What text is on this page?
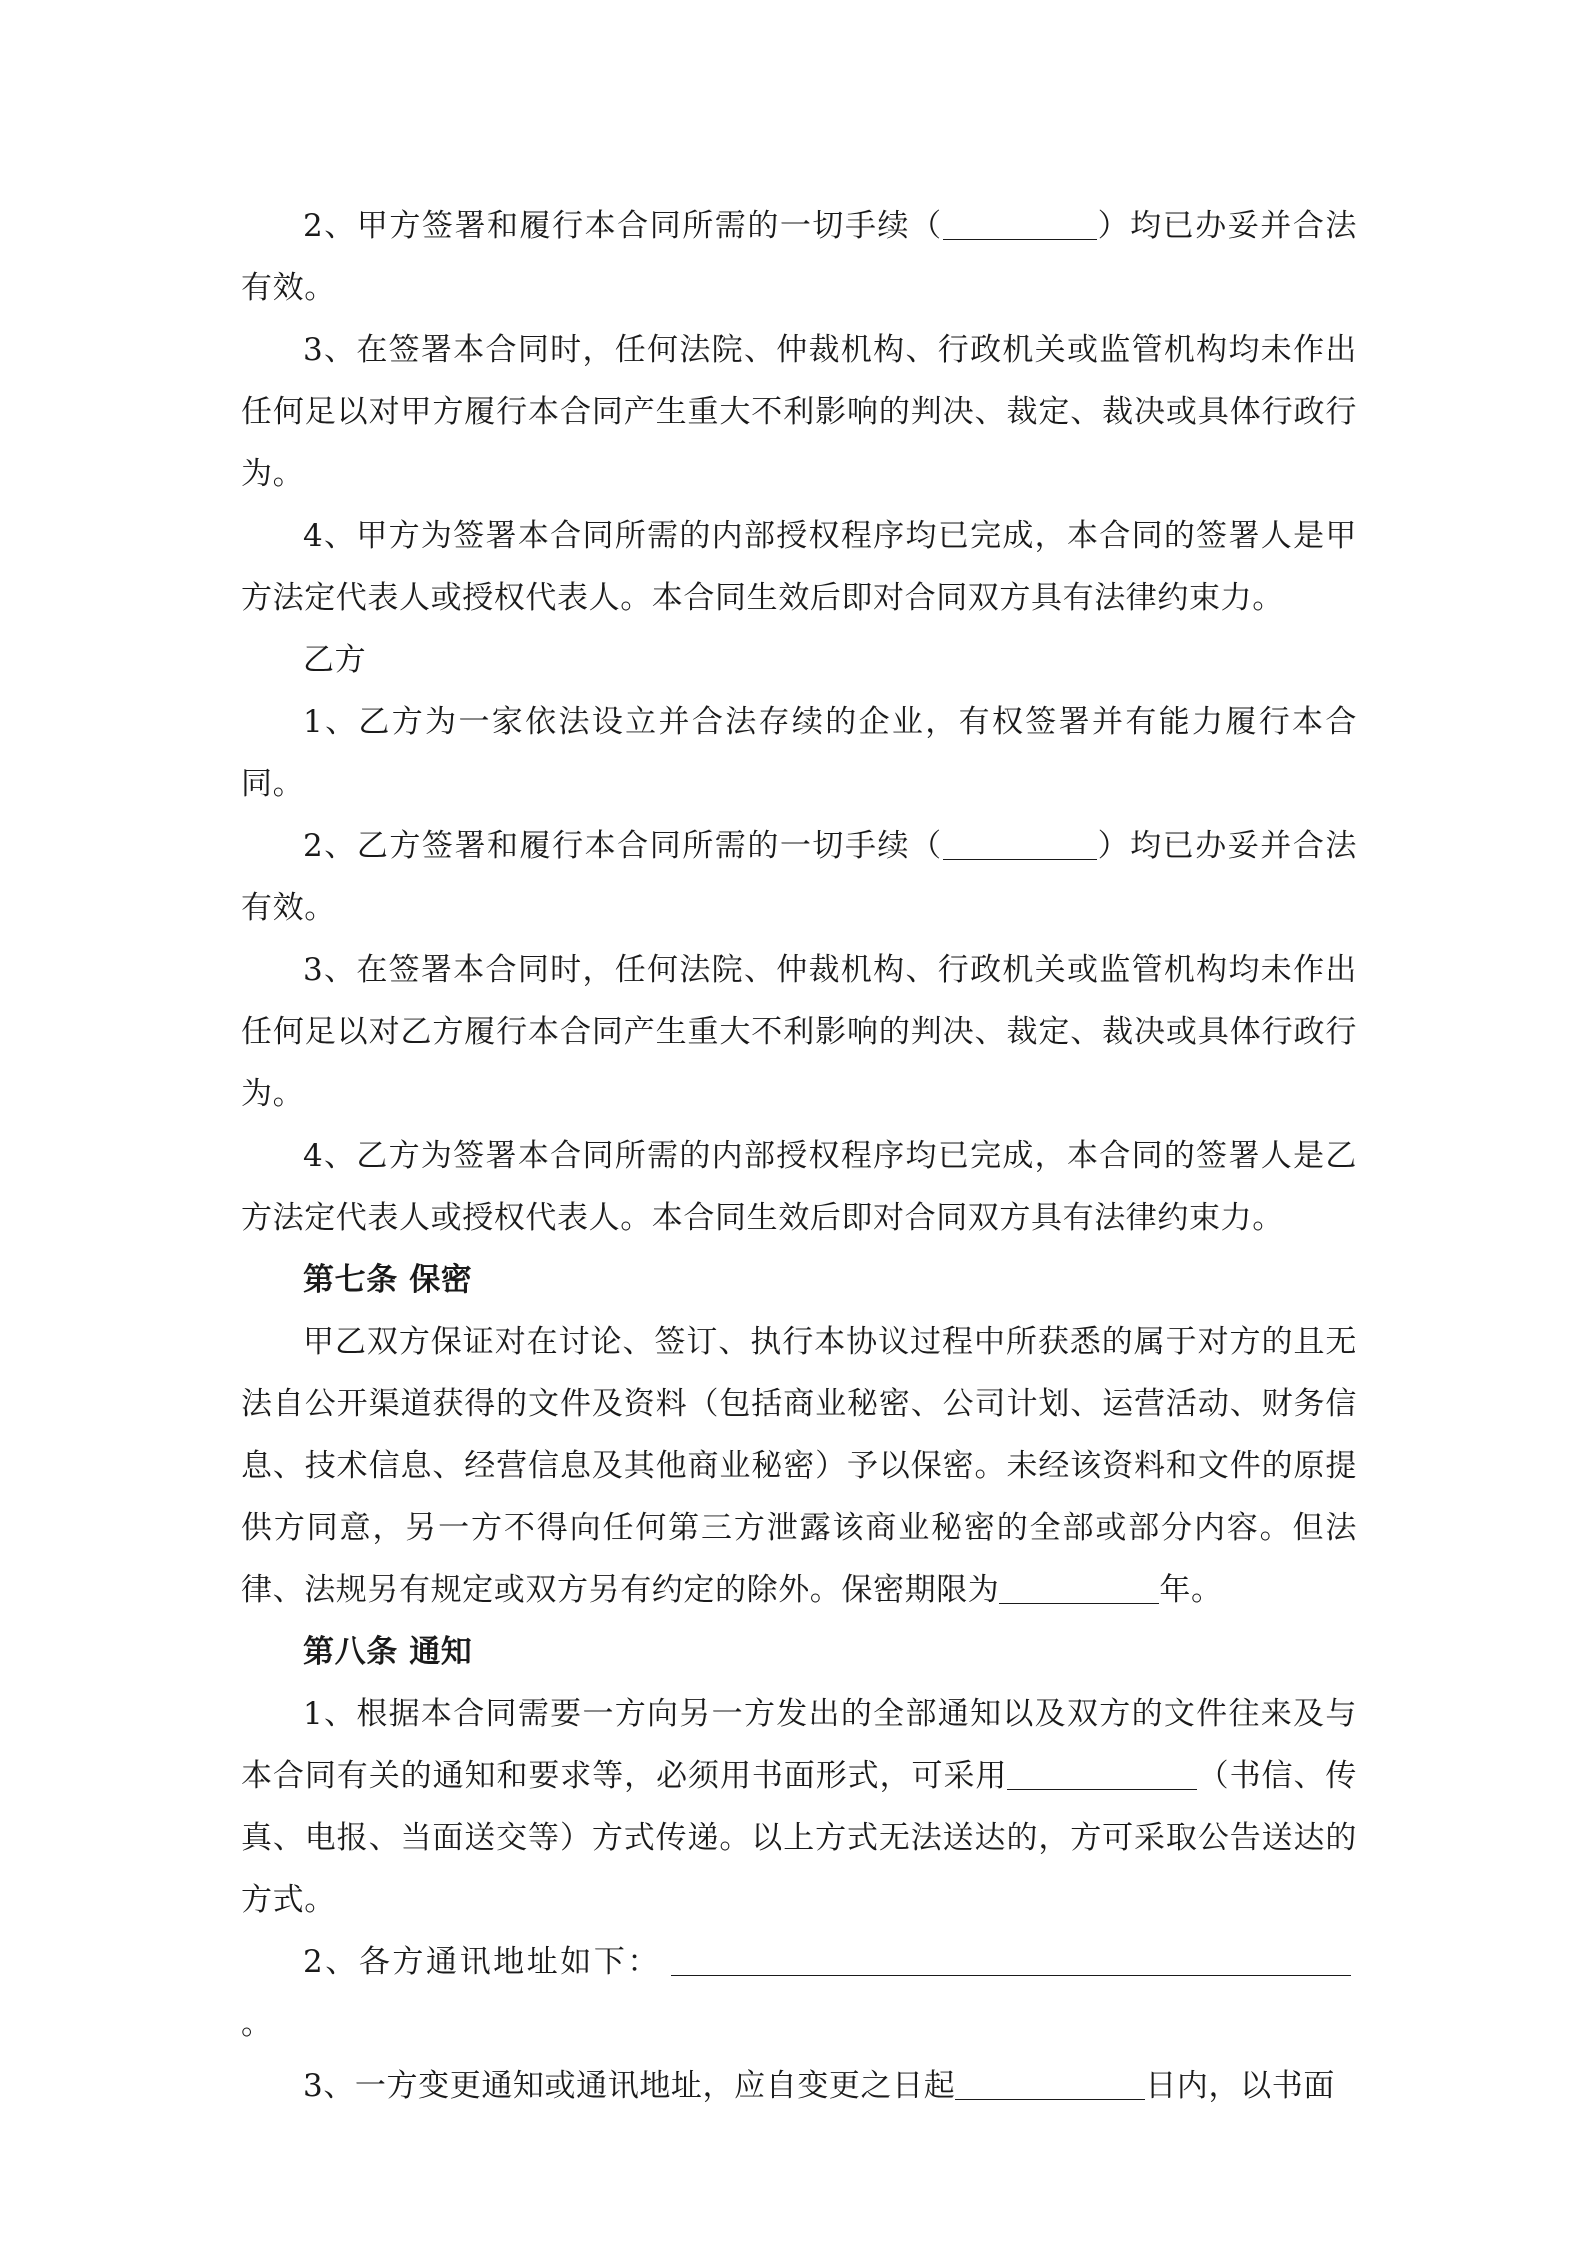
2、甲方签署和履行本合同所需的一切手续（	）均已办妥并合法有效。

3、在签署本合同时，任何法院、仲裁机构、行政机关或监管机构均未作出任何足以对甲方履行本合同产生重大不利影响的判决、裁定、裁决或具体行政行为。

4、甲方为签署本合同所需的内部授权程序均已完成，本合同的签署人是甲方法定代表人或授权代表人。本合同生效后即对合同双方具有法律约束力。

乙方

1、乙方为一家依法设立并合法存续的企业，有权签署并有能力履行本合同。

2、乙方签署和履行本合同所需的一切手续（	）均已办妥并合法有效。

3、在签署本合同时，任何法院、仲裁机构、行政机关或监管机构均未作出任何足以对乙方履行本合同产生重大不利影响的判决、裁定、裁决或具体行政行为。

4、乙方为签署本合同所需的内部授权程序均已完成，本合同的签署人是乙方法定代表人或授权代表人。本合同生效后即对合同双方具有法律约束力。

第七条 保密

甲乙双方保证对在讨论、签订、执行本协议过程中所获悉的属于对方的且无法自公开渠道获得的文件及资料（包括商业秘密、公司计划、运营活动、财务信息、技术信息、经营信息及其他商业秘密）予以保密。未经该资料和文件的原提供方同意，另一方不得向任何第三方泄露该商业秘密的全部或部分内容。但法律、法规另有规定或双方另有约定的除外。保密期限为	年。

第八条 通知

1、根据本合同需要一方向另一方发出的全部通知以及双方的文件往来及与本合同有关的通知和要求等，必须用书面形式，可采用	（书信、传真、电报、当面送交等）方式传递。以上方式无法送达的，方可采取公告送达的方式。

2、各方通讯地址如下：。

3、一方变更通知或通讯地址，应自变更之日起	日内，以书面
